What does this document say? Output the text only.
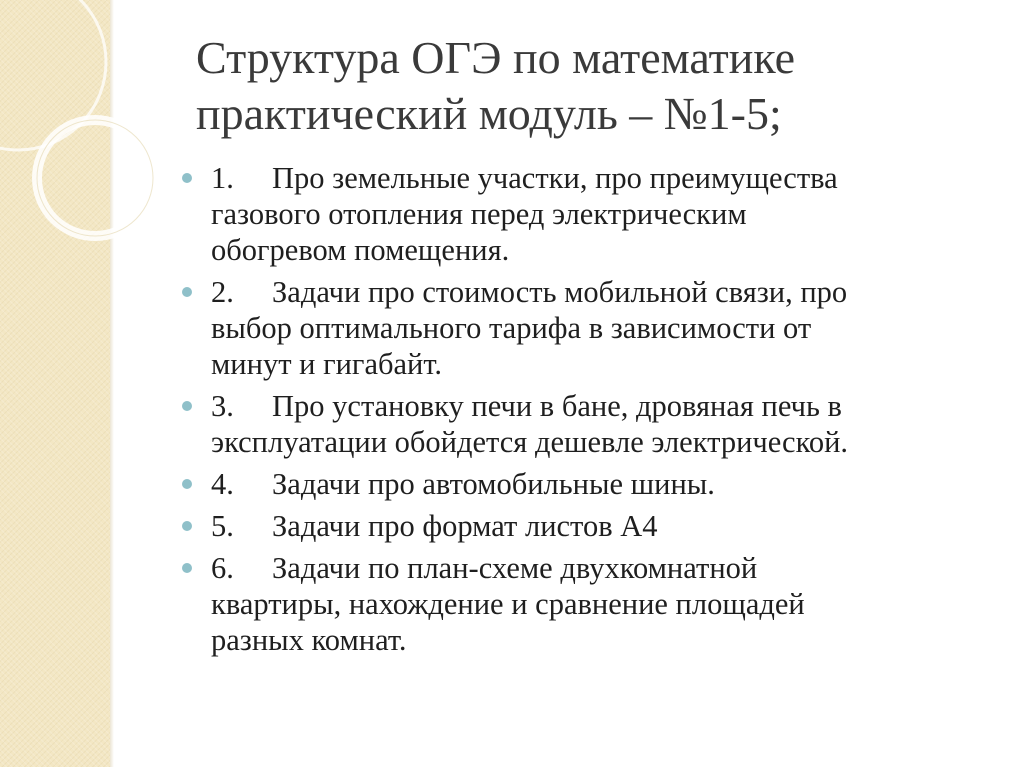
Структура ОГЭ по математике
практический модуль – №1-5;
1. Про земельные участки, про преимущества
газового отопления перед электрическим
обогревом помещения.
2. Задачи про стоимость мобильной связи, про
выбор оптимального тарифа в зависимости от
минут и гигабайт.
3. Про установку печи в бане, дровяная печь в
эксплуатации обойдется дешевле электрической.
4. Задачи про автомобильные шины.
5. Задачи про формат листов А4
6. Задачи по план-схеме двухкомнатной
квартиры, нахождение и сравнение площадей
разных комнат.
